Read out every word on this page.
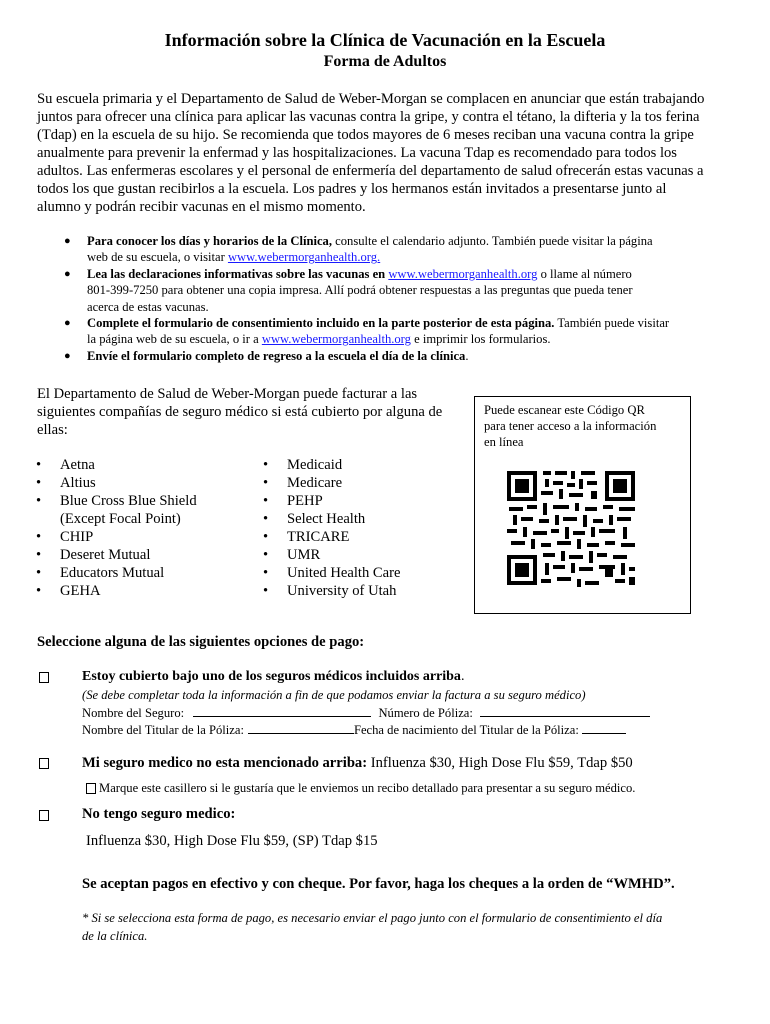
Información sobre la Clínica de Vacunación en la Escuela
Forma de Adultos
Su escuela primaria y el Departamento de Salud de Weber-Morgan se complacen en anunciar que están trabajando
juntos para ofrecer una clínica para aplicar las vacunas contra la gripe, y contra el tétano, la difteria y la tos ferina
(Tdap) en la escuela de su hijo. Se recomienda que todos mayores de 6 meses reciban una vacuna contra la gripe
anualmente para prevenir la enfermad y las hospitalizaciones. La vacuna Tdap es recomendado para todos los
adultos. Las enfermeras escolares y el personal de enfermería del departamento de salud ofrecerán estas vacunas a
todos los que gustan recibirlos a la escuela. Los padres y los hermanos están invitados a presentarse junto al
alumno y podrán recibir vacunas en el mismo momento.
● Para conocer los días y horarios de la Clínica, consulte el calendario adjunto. También puede visitar la página
web de su escuela, o visitar www.webermorganhealth.org.
● Lea las declaraciones informativas sobre las vacunas en www.webermorganhealth.org o llame al número
801-399-7250 para obtener una copia impresa. Allí podrá obtener respuestas a las preguntas que pueda tener
acerca de estas vacunas.
● Complete el formulario de consentimiento incluido en la parte posterior de esta página. También puede visitar
la página web de su escuela, o ir a www.webermorganhealth.org e imprimir los formularios.
● Envíe el formulario completo de regreso a la escuela el día de la clínica.
El Departamento de Salud de Weber-Morgan puede facturar a las
siguientes compañías de seguro médico si está cubierto por alguna de
ellas:
Puede escanear este Código QR
para tener acceso a la información
en línea
• Aetna
• Altius
• Blue Cross Blue Shield
(Except Focal Point)
• CHIP
• Deseret Mutual
• Educators Mutual
• GEHA
• Medicaid
• Medicare
• PEHP
• Select Health
• TRICARE
• UMR
• United Health Care
• University of Utah
Seleccione alguna de las siguientes opciones de pago:
Estoy cubierto bajo uno de los seguros médicos incluidos arriba.
(Se debe completar toda la información a fin de que podamos enviar la factura a su seguro médico)
Nombre del Seguro:	Número de Póliza:
Nombre del Titular de la Póliza:	Fecha de nacimiento del Titular de la Póliza:
Mi seguro medico no esta mencionado arriba: Influenza $30, High Dose Flu $59, Tdap $50
Marque este casillero si le gustaría que le enviemos un recibo detallado para presentar a su seguro médico.
No tengo seguro medico:
Influenza $30, High Dose Flu $59, (SP) Tdap $15
Se aceptan pagos en efectivo y con cheque. Por favor, haga los cheques a la orden de “WMHD”.
* Si se selecciona esta forma de pago, es necesario enviar el pago junto con el formulario de consentimiento el día
de la clínica.
